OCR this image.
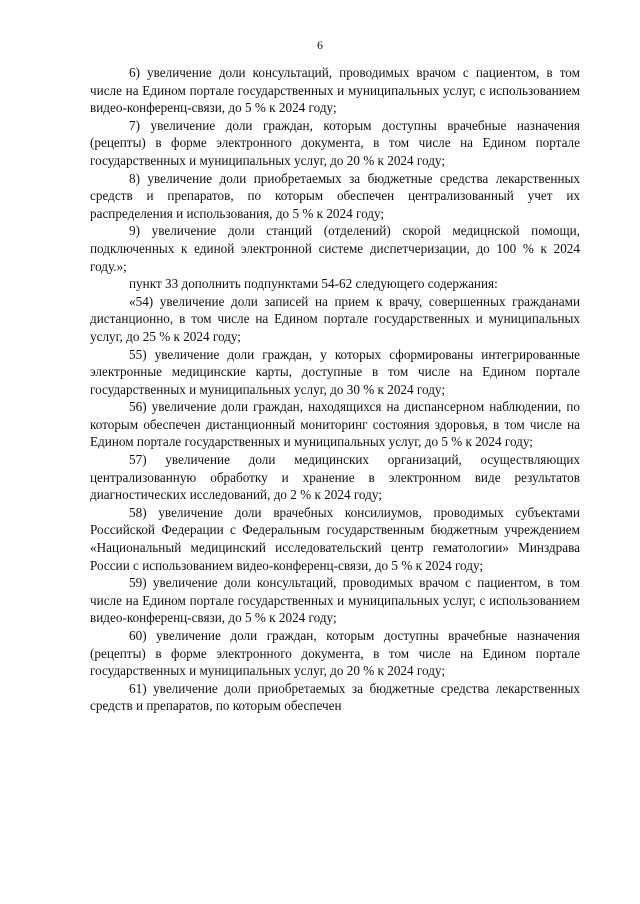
6

6) увеличение доли консультаций, проводимых врачом с пациентом, в том числе на Едином портале государственных и муниципальных услуг, с использованием видео-конференц-связи, до 5 % к 2024 году;

7) увеличение доли граждан, которым доступны врачебные назначения (рецепты) в форме электронного документа, в том числе на Едином портале государственных и муниципальных услуг, до 20 % к 2024 году;

8) увеличение доли приобретаемых за бюджетные средства лекарственных средств и препаратов, по которым обеспечен централизованный учет их распределения и использования, до 5 % к 2024 году;

9) увеличение доли станций (отделений) скорой медицнской помощи, подключенных к единой электронной системе диспетчеризации, до 100 % к 2024 году.»;

пункт 33 дополнить подпунктами 54-62 следующего содержания:

«54) увеличение доли записей на прием к врачу, совершенных гражданами дистанционно, в том числе на Едином портале государственных и муниципальных услуг, до 25 % к 2024 году;

55) увеличение доли граждан, у которых сформированы интегрированные электронные медицинские карты, доступные в том числе на Едином портале государственных и муниципальных услуг, до 30 % к 2024 году;

56) увеличение доли граждан, находящихся на диспансерном наблюдении, по которым обеспечен дистанционный мониторинг состояния здоровья, в том числе на Едином портале государственных и муниципальных услуг, до 5 % к 2024 году;

57) увеличение доли медицинских организаций, осуществляющих централизованную обработку и хранение в электронном виде результатов диагностических исследований, до 2 % к 2024 году;

58) увеличение доли врачебных консилиумов, проводимых субъектами Российской Федерации с Федеральным государственным бюджетным учреждением «Национальный медицинский исследовательский центр гематологии» Минздрава России с использованием видео-конференц-связи, до 5 % к 2024 году;

59) увеличение доли консультаций, проводимых врачом с пациентом, в том числе на Едином портале государственных и муниципальных услуг, с использованием видео-конференц-связи, до 5 % к 2024 году;

60) увеличение доли граждан, которым доступны врачебные назначения (рецепты) в форме электронного документа, в том числе на Едином портале государственных и муниципальных услуг, до 20 % к 2024 году;

61) увеличение доли приобретаемых за бюджетные средства лекарственных средств и препаратов, по которым обеспечен
